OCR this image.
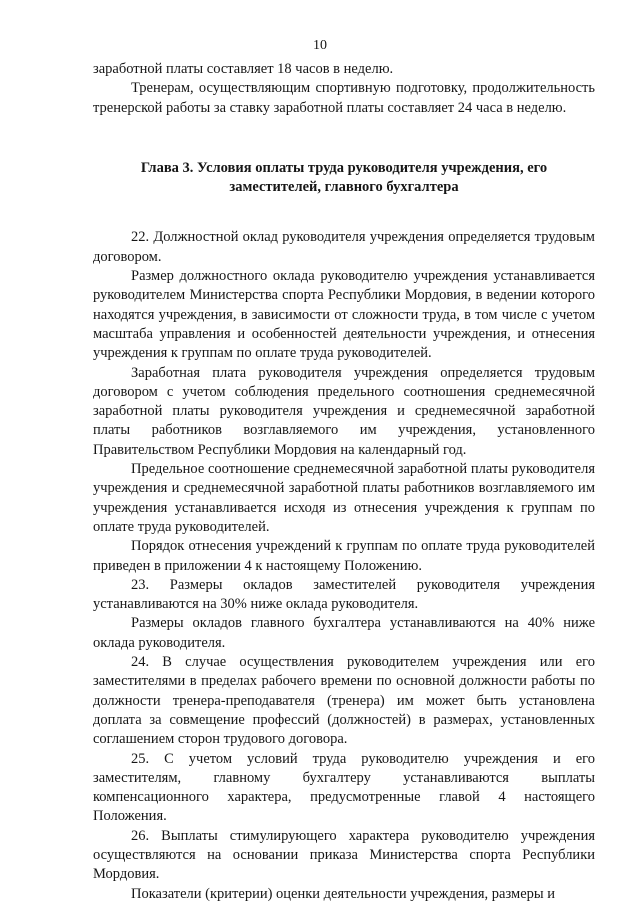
10

заработной платы составляет 18 часов в неделю.

Тренерам, осуществляющим спортивную подготовку, продолжительность тренерской работы за ставку заработной платы составляет 24 часа в неделю.

Глава 3. Условия оплаты труда руководителя учреждения, его заместителей, главного бухгалтера

22. Должностной оклад руководителя учреждения определяется трудовым договором.

Размер должностного оклада руководителю учреждения устанавливается руководителем Министерства спорта Республики Мордовия, в ведении которого находятся учреждения, в зависимости от сложности труда, в том числе с учетом масштаба управления и особенностей деятельности учреждения, и отнесения учреждения к группам по оплате труда руководителей.

Заработная плата руководителя учреждения определяется трудовым договором с учетом соблюдения предельного соотношения среднемесячной заработной платы руководителя учреждения и среднемесячной заработной платы работников возглавляемого им учреждения, установленного Правительством Республики Мордовия на календарный год.

Предельное соотношение среднемесячной заработной платы руководителя учреждения и среднемесячной заработной платы работников возглавляемого им учреждения устанавливается исходя из отнесения учреждения к группам по оплате труда руководителей.

Порядок отнесения учреждений к группам по оплате труда руководителей приведен в приложении 4 к настоящему Положению.

23. Размеры окладов заместителей руководителя учреждения устанавливаются на 30% ниже оклада руководителя.

Размеры окладов главного бухгалтера устанавливаются на 40% ниже оклада руководителя.

24. В случае осуществления руководителем учреждения или его заместителями в пределах рабочего времени по основной должности работы по должности тренера-преподавателя (тренера) им может быть установлена доплата за совмещение профессий (должностей) в размерах, установленных соглашением сторон трудового договора.

25. С учетом условий труда руководителю учреждения и его заместителям, главному бухгалтеру устанавливаются выплаты компенсационного характера, предусмотренные главой 4 настоящего Положения.

26. Выплаты стимулирующего характера руководителю учреждения осуществляются на основании приказа Министерства спорта Республики Мордовия.

Показатели (критерии) оценки деятельности учреждения, размеры и
